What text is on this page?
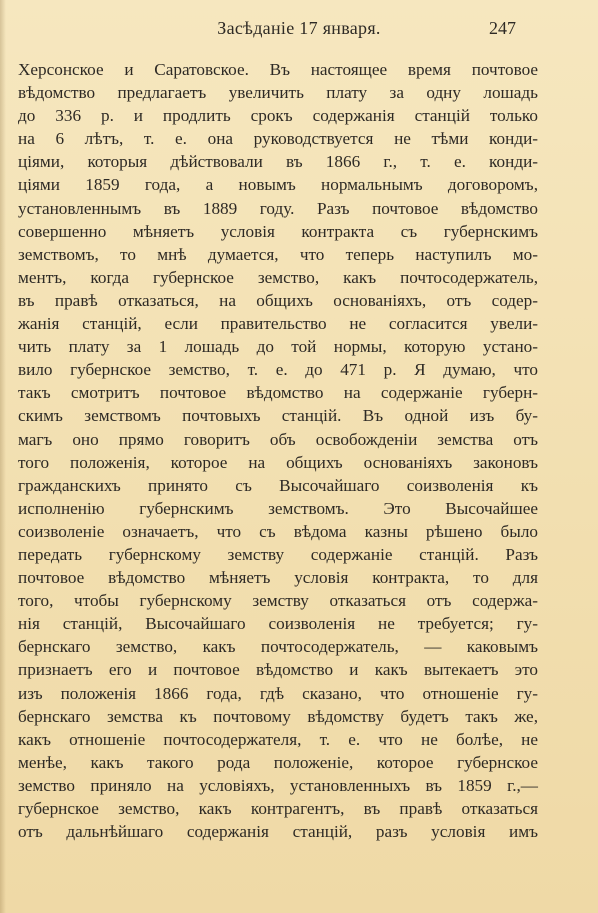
Засѣданіе 17 января.	247
Херсонское и Саратовское. Въ настоящее время почтовое
вѣдомство предлагаетъ увеличить плату за одну лошадь
до 336 р. и продлить срокъ содержанія станцій только
на 6 лѣтъ, т. е. она руководствуется не тѣми конди-
ціями, которыя дѣйствовали въ 1866 г., т. е. конди-
ціями 1859 года, а новымъ нормальнымъ договоромъ,
установленнымъ въ 1889 году. Разъ почтовое вѣдомство
совершенно мѣняетъ условія контракта съ губернскимъ
земствомъ, то мнѣ думается, что теперь наступилъ мо-
ментъ, когда губернское земство, какъ почтосодержатель,
въ правѣ отказаться, на общихъ основаніяхъ, отъ содер-
жанія станцій, если правительство не согласится увели-
чить плату за 1 лошадь до той нормы, которую устано-
вило губернское земство, т. е. до 471 р. Я думаю, что
такъ смотритъ почтовое вѣдомство на содержаніе губерн-
скимъ земствомъ почтовыхъ станцій. Въ одной изъ бу-
магъ оно прямо говоритъ объ освобожденіи земства отъ
того положенія, которое на общихъ основаніяхъ законовъ
гражданскихъ принято съ Высочайшаго соизволенія къ
исполненію губернскимъ земствомъ. Это Высочайшее
соизволеніе означаетъ, что съ вѣдома казны рѣшено было
передать губернскому земству содержаніе станцій. Разъ
почтовое вѣдомство мѣняетъ условія контракта, то для
того, чтобы губернскому земству отказаться отъ содержа-
нія станцій, Высочайшаго соизволенія не требуется; гу-
бернскаго земство, какъ почтосодержатель, — каковымъ
признаетъ его и почтовое вѣдомство и какъ вытекаетъ это
изъ положенія 1866 года, гдѣ сказано, что отношеніе гу-
бернскаго земства къ почтовому вѣдомству будетъ такъ же,
какъ отношеніе почтосодержателя, т. е. что не болѣе, не
менѣе, какъ такого рода положеніе, которое губернское
земство приняло на условіяхъ, установленныхъ въ 1859 г.,—
губернское земство, какъ контрагентъ, въ правѣ отказаться
отъ дальнѣйшаго содержанія станцій, разъ условія имъ
